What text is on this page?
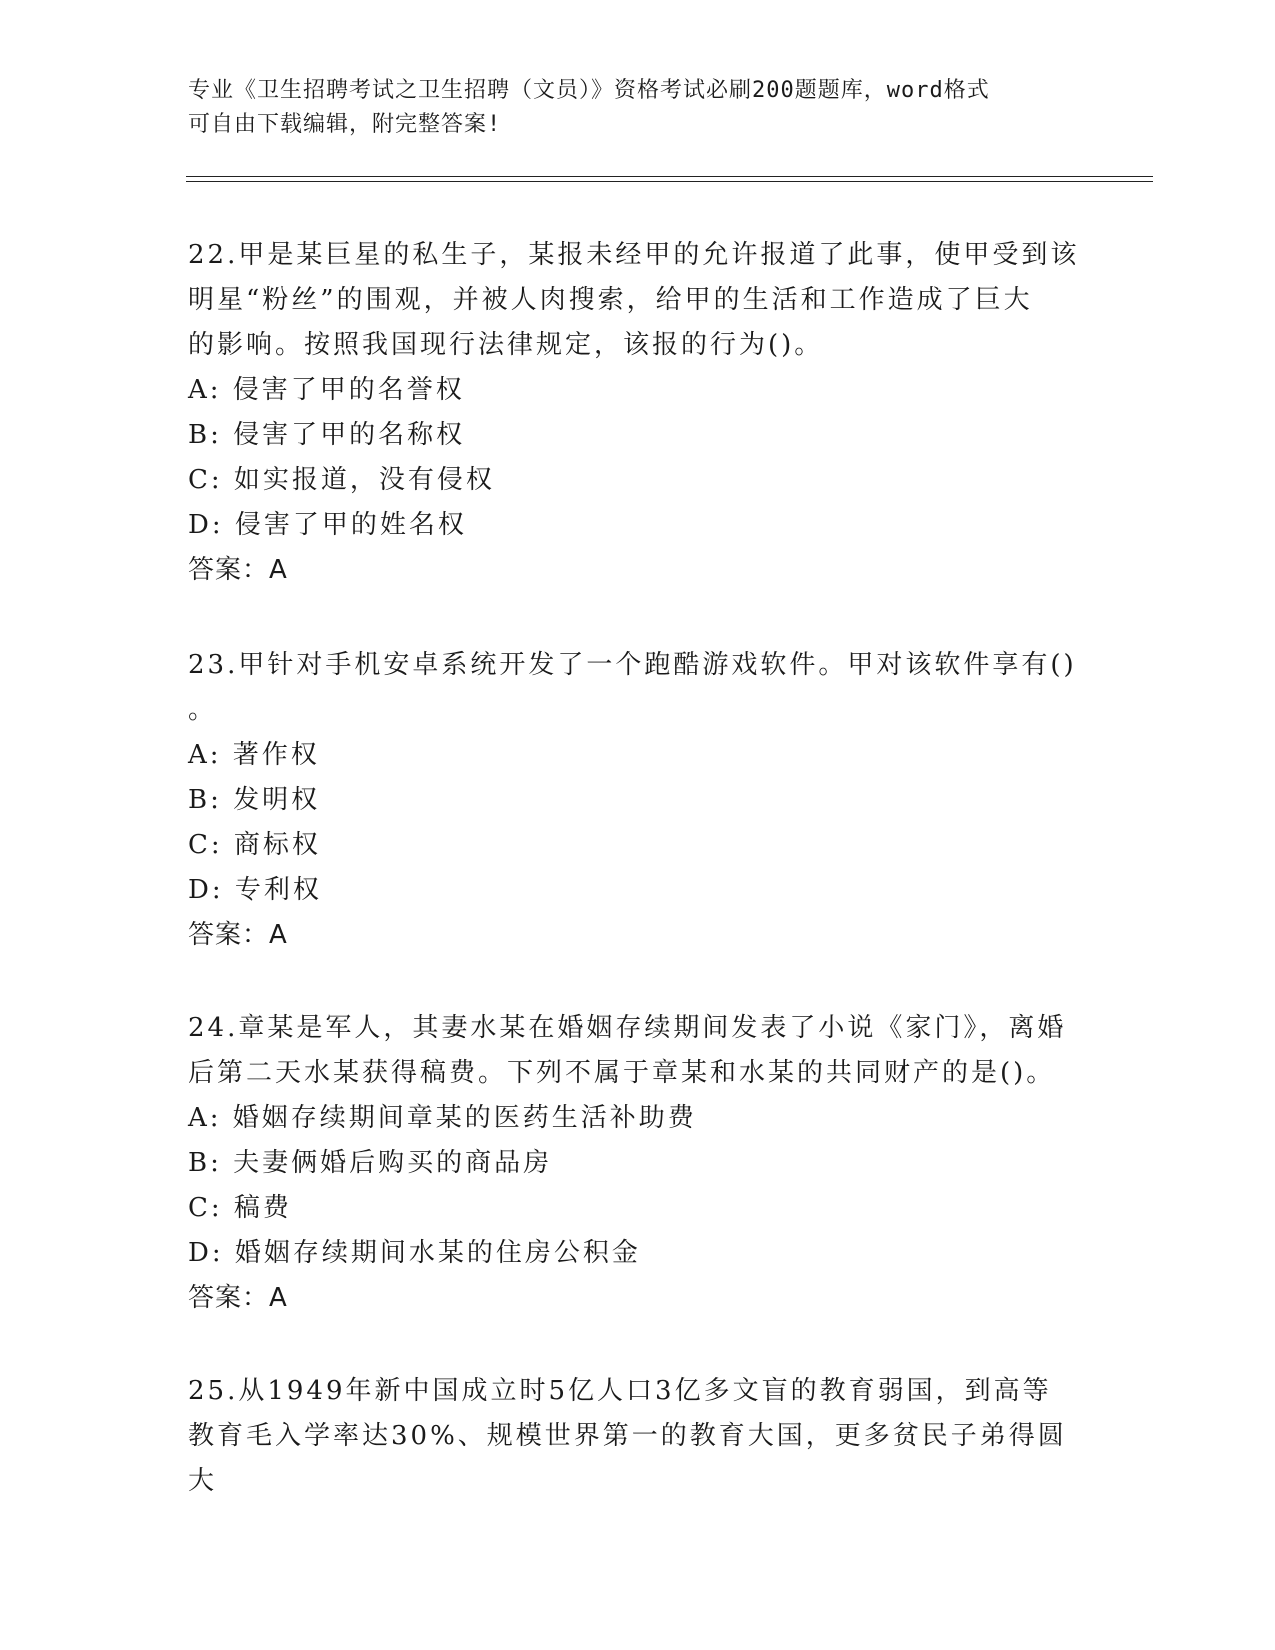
专业《卫生招聘考试之卫生招聘（文员）》资格考试必刷200题题库，word格式
可自由下载编辑，附完整答案!
22.甲是某巨星的私生子，某报未经甲的允许报道了此事，使甲受到该
明星“粉丝”的围观，并被人肉搜索，给甲的生活和工作造成了巨大
的影响。按照我国现行法律规定，该报的行为()。
A: 侵害了甲的名誉权
B: 侵害了甲的名称权
C: 如实报道，没有侵权
D: 侵害了甲的姓名权
答案：A
23.甲针对手机安卓系统开发了一个跑酷游戏软件。甲对该软件享有()
。
A: 著作权
B: 发明权
C: 商标权
D: 专利权
答案：A
24.章某是军人，其妻水某在婚姻存续期间发表了小说《家门》，离婚
后第二天水某获得稿费。下列不属于章某和水某的共同财产的是()。
A: 婚姻存续期间章某的医药生活补助费
B: 夫妻俩婚后购买的商品房
C: 稿费
D: 婚姻存续期间水某的住房公积金
答案：A
25.从1949年新中国成立时5亿人口3亿多文盲的教育弱国，到高等
教育毛入学率达30%、规模世界第一的教育大国，更多贫民子弟得圆大
